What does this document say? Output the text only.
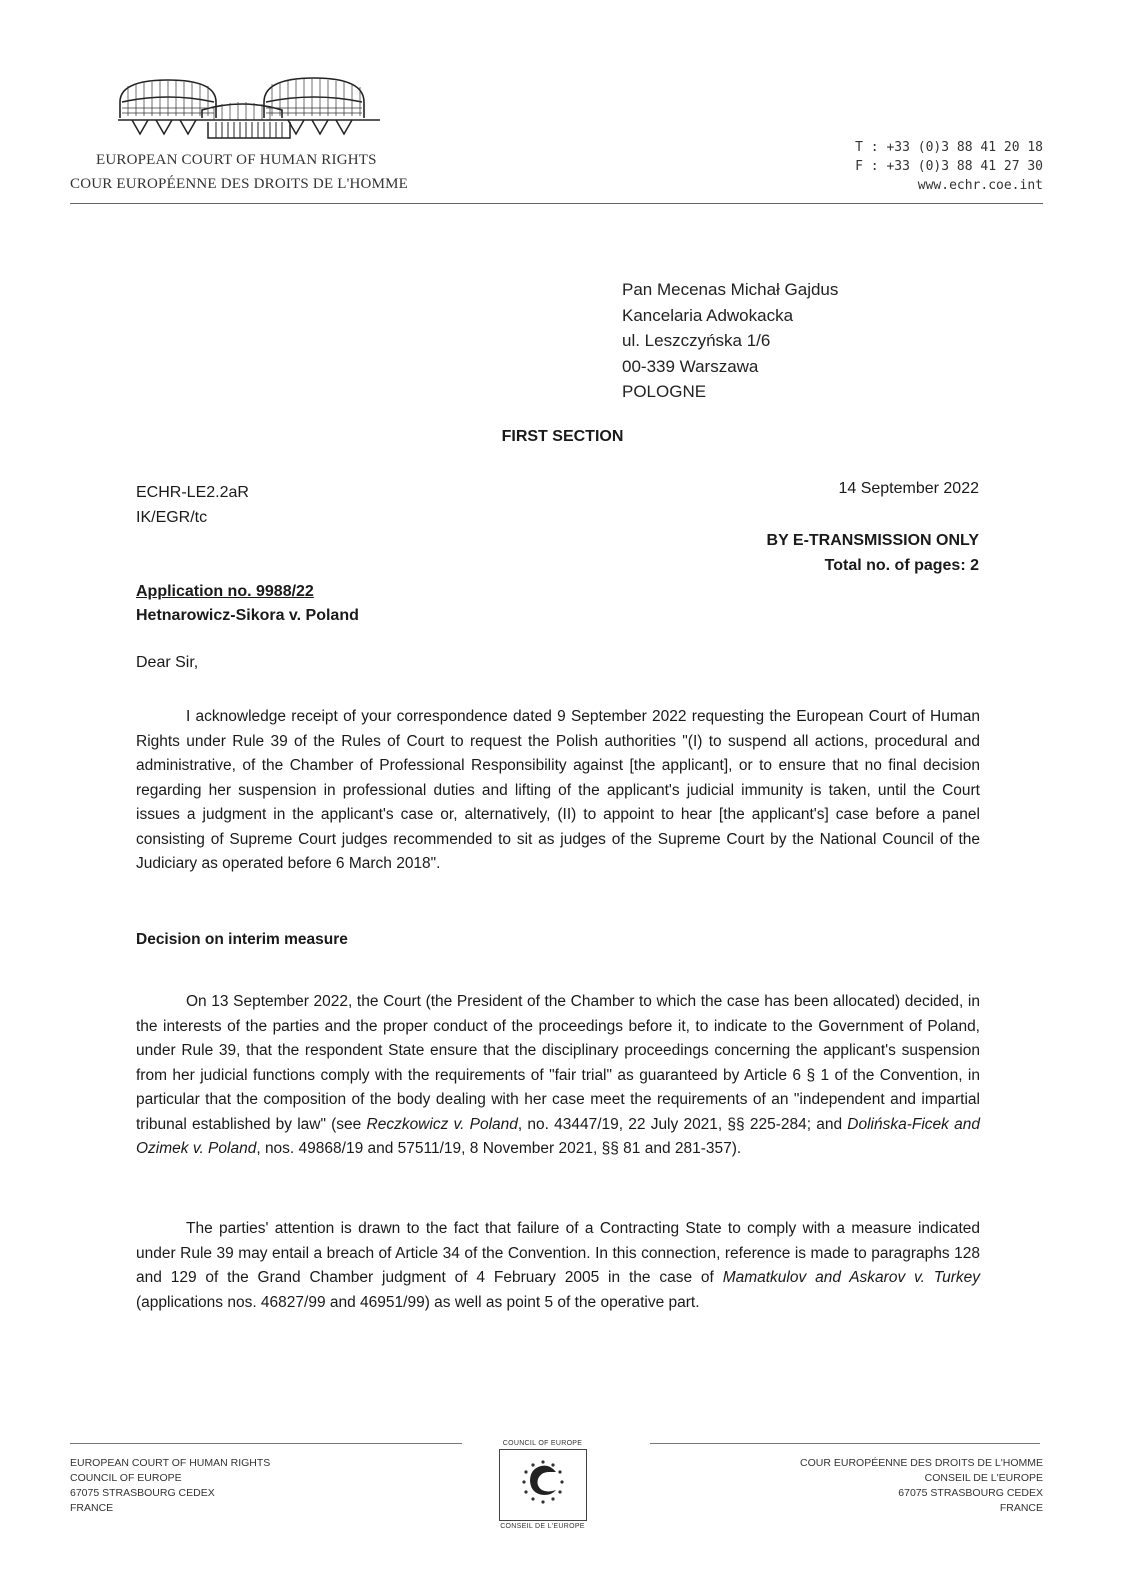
EUROPEAN COURT OF HUMAN RIGHTS
COUR EUROPÉENNE DES DROITS DE L'HOMME
T : +33 (0)3 88 41 20 18
F : +33 (0)3 88 41 27 30
www.echr.coe.int
Pan Mecenas Michał Gajdus
Kancelaria Adwokacka
ul. Leszczyńska 1/6
00-339 Warszawa
POLOGNE
FIRST SECTION
ECHR-LE2.2aR
IK/EGR/tc
14 September 2022
BY E-TRANSMISSION ONLY
Total no. of pages: 2
Application no. 9988/22
Hetnarowicz-Sikora v. Poland
Dear Sir,
I acknowledge receipt of your correspondence dated 9 September 2022 requesting the European Court of Human Rights under Rule 39 of the Rules of Court to request the Polish authorities "(I) to suspend all actions, procedural and administrative, of the Chamber of Professional Responsibility against [the applicant], or to ensure that no final decision regarding her suspension in professional duties and lifting of the applicant's judicial immunity is taken, until the Court issues a judgment in the applicant's case or, alternatively, (II) to appoint to hear [the applicant's] case before a panel consisting of Supreme Court judges recommended to sit as judges of the Supreme Court by the National Council of the Judiciary as operated before 6 March 2018".
Decision on interim measure
On 13 September 2022, the Court (the President of the Chamber to which the case has been allocated) decided, in the interests of the parties and the proper conduct of the proceedings before it, to indicate to the Government of Poland, under Rule 39, that the respondent State ensure that the disciplinary proceedings concerning the applicant's suspension from her judicial functions comply with the requirements of "fair trial" as guaranteed by Article 6 § 1 of the Convention, in particular that the composition of the body dealing with her case meet the requirements of an "independent and impartial tribunal established by law" (see Reczkowicz v. Poland, no. 43447/19, 22 July 2021, §§ 225-284; and Dolińska-Ficek and Ozimek v. Poland, nos. 49868/19 and 57511/19, 8 November 2021, §§ 81 and 281-357).
The parties' attention is drawn to the fact that failure of a Contracting State to comply with a measure indicated under Rule 39 may entail a breach of Article 34 of the Convention. In this connection, reference is made to paragraphs 128 and 129 of the Grand Chamber judgment of 4 February 2005 in the case of Mamatkulov and Askarov v. Turkey (applications nos. 46827/99 and 46951/99) as well as point 5 of the operative part.
EUROPEAN COURT OF HUMAN RIGHTS
COUNCIL OF EUROPE
67075 STRASBOURG CEDEX
FRANCE
COUNCIL OF EUROPE
CONSEIL DE L'EUROPE
COUR EUROPÉENNE DES DROITS DE L'HOMME
CONSEIL DE L'EUROPE
67075 STRASBOURG CEDEX
FRANCE
